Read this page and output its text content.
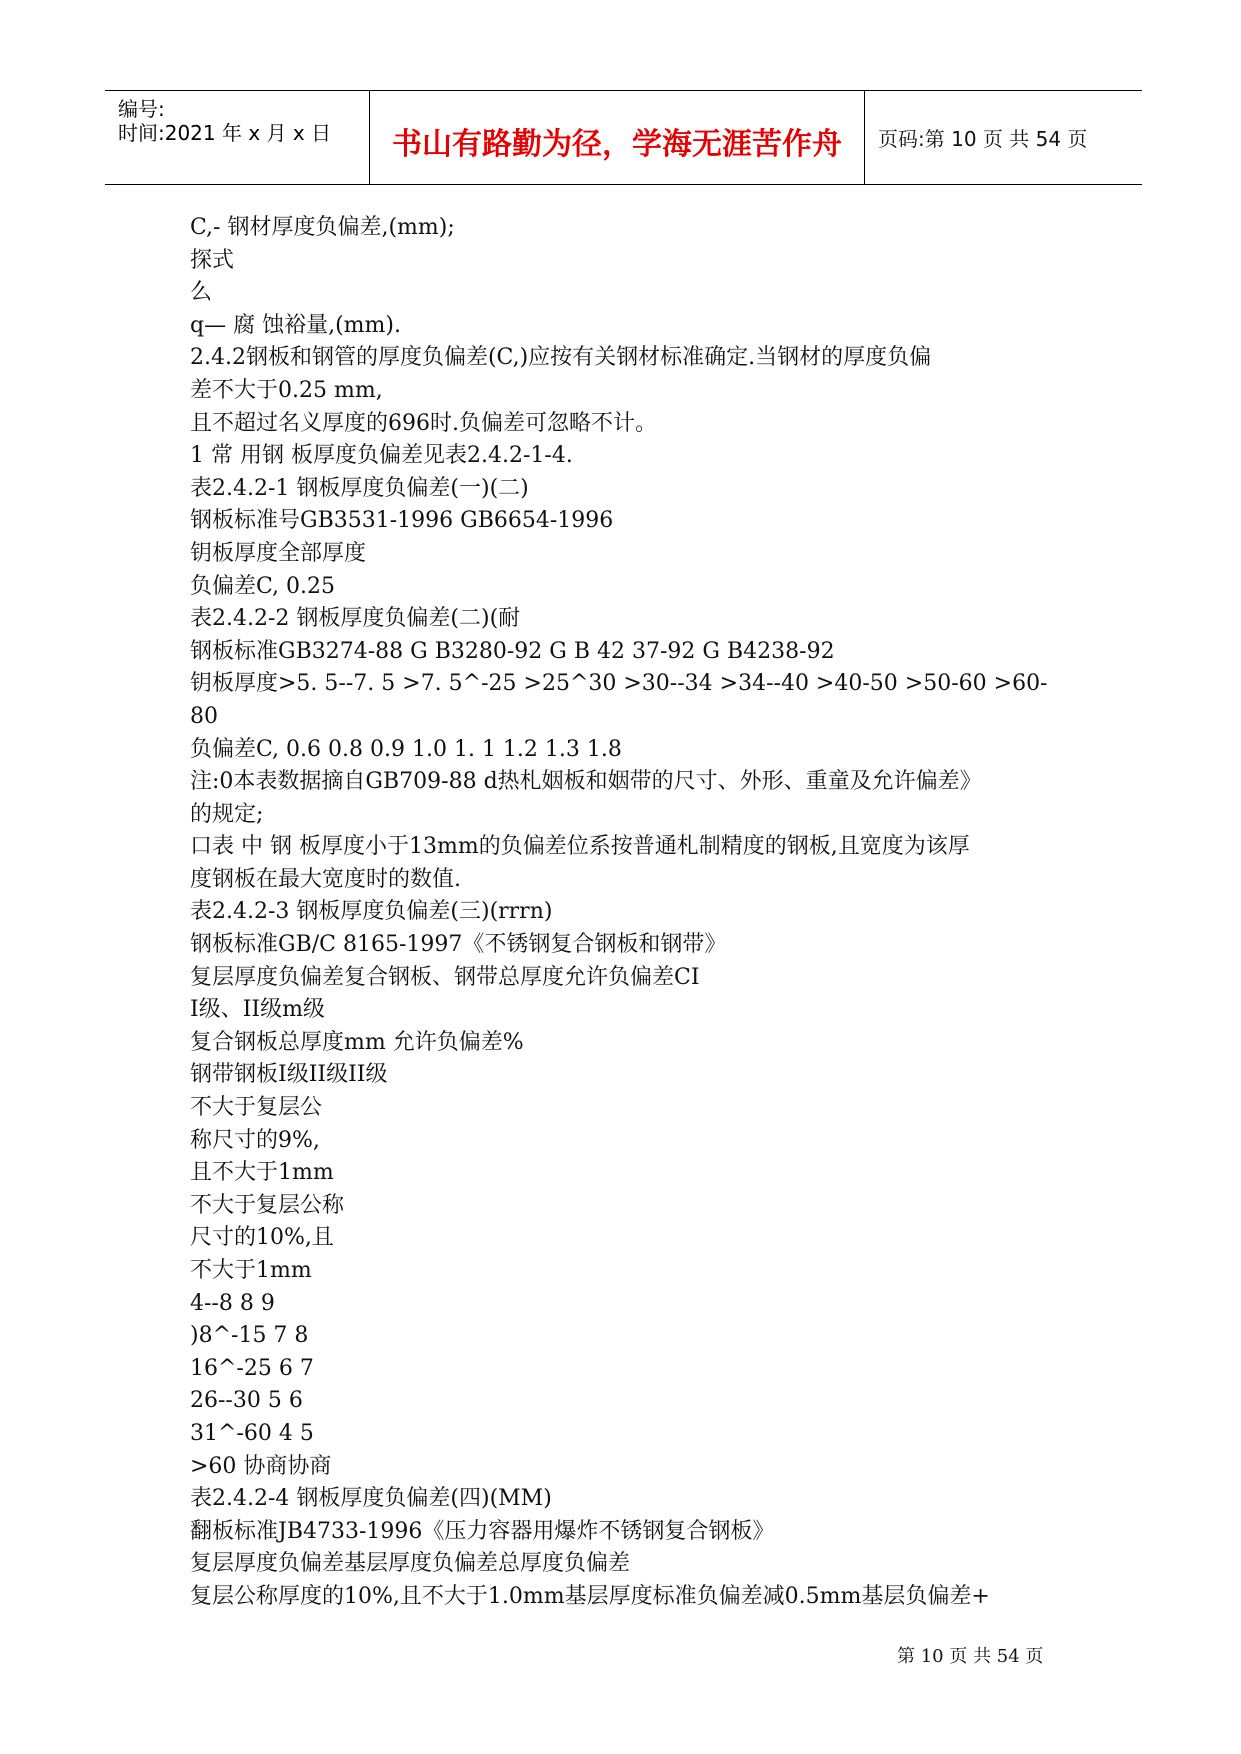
编号:
时间:2021 年 x 月 x 日	书山有路勤为径，学海无涯苦作舟	页码:第 10 页 共 54 页

C,- 钢材厚度负偏差,(mm);

探式

么

q— 腐 蚀裕量,(mm).

2.4.2钢板和钢管的厚度负偏差(C,)应按有关钢材标准确定.当钢材的厚度负偏

差不大于0.25 mm,

且不超过名义厚度的696时.负偏差可忽略不计。

1 常 用钢 板厚度负偏差见表2.4.2-1-4.

表2.4.2-1 钢板厚度负偏差(一)(二)

钢板标准号GB3531-1996 GB6654-1996

钥板厚度全部厚度

负偏差C, 0.25

表2.4.2-2 钢板厚度负偏差(二)(耐

钢板标准GB3274-88 G B3280-92 G B 42 37-92 G B4238-92

钥板厚度>5. 5--7. 5 >7. 5^-25 >25^30 >30--34 >34--40 >40-50 >50-60 >60-80

负偏差C, 0.6 0.8 0.9 1.0 1. 1 1.2 1.3 1.8

注:0本表数据摘自GB709-88 d热札姻板和姻带的尺寸、外形、重童及允许偏差》

的规定;

口表 中 钢 板厚度小于13mm的负偏差位系按普通札制精度的钢板,且宽度为该厚

度钢板在最大宽度时的数值.

表2.4.2-3 钢板厚度负偏差(三)(rrrn)

钢板标准GB/C 8165-1997《不锈钢复合钢板和钢带》

复层厚度负偏差复合钢板、钢带总厚度允许负偏差CI

I级、II级m级

复合钢板总厚度mm 允许负偏差%

钢带钢板I级II级II级

不大于复层公

称尺寸的9%,

且不大于1mm

不大于复层公称

尺寸的10%,且

不大于1mm

4--8 8 9

)8^-15 7 8

16^-25 6 7

26--30 5 6

31^-60 4 5

>60 协商协商

表2.4.2-4 钢板厚度负偏差(四)(MM)

翻板标准JB4733-1996《压力容器用爆炸不锈钢复合钢板》

复层厚度负偏差基层厚度负偏差总厚度负偏差

复层公称厚度的10%,且不大于1.0mm基层厚度标准负偏差减0.5mm基层负偏差+

第 10 页 共 54 页
